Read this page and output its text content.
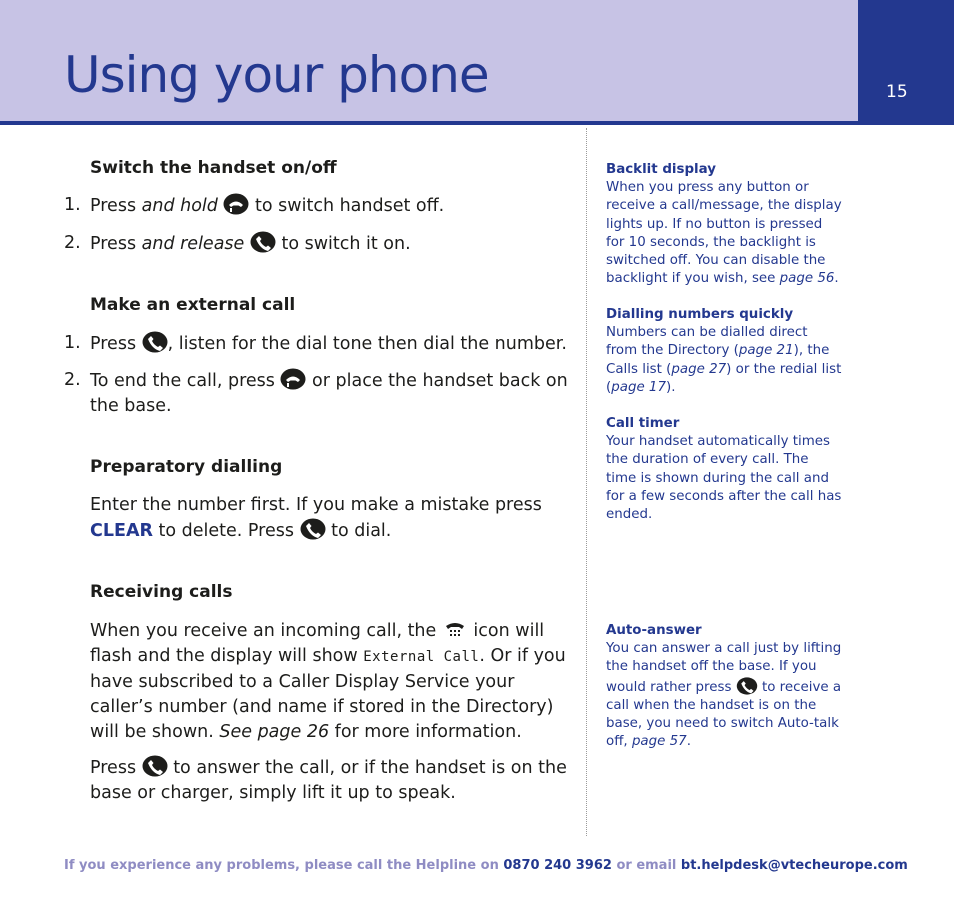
Using your phone	15
Switch the handset on/off
1. Press and hold
to switch handset off.
2. Press and release
to switch it on.
Make an external call
1. Press
, listen for the dial tone then dial the number.
2. To end the call, press
or place the handset back on the base.
Preparatory dialling

Enter the number first. If you make a mistake press CLEAR to delete. Press
to dial.

Receiving calls

When you receive an incoming call, the
icon will flash and the display will show External Call. Or if you have subscribed to a Caller Display Service your caller’s number (and name if stored in the Directory) will be shown. See page 26 for more information.

Press
to answer the call, or if the handset is on the base or charger, simply lift it up to speak.

Backlit display
When you press any button or receive a call/message, the display lights up. If no button is pressed for 10 seconds, the backlight is switched off. You can disable the backlight if you wish, see page 56.
Dialling numbers quickly
Numbers can be dialled direct from the Directory (page 21), the Calls list (page 27) or the redial list (page 17).
Call timer
Your handset automatically times the duration of every call. The time is shown during the call and for a few seconds after the call has ended.
Auto-answer
You can answer a call just by lifting the handset off the base. If you would rather press  to receive a call when the handset is on the base, you need to switch Auto-talk off, page 57.
If you experience any problems, please call the Helpline on 0870 240 3962 or email bt.helpdesk@vtecheurope.com
